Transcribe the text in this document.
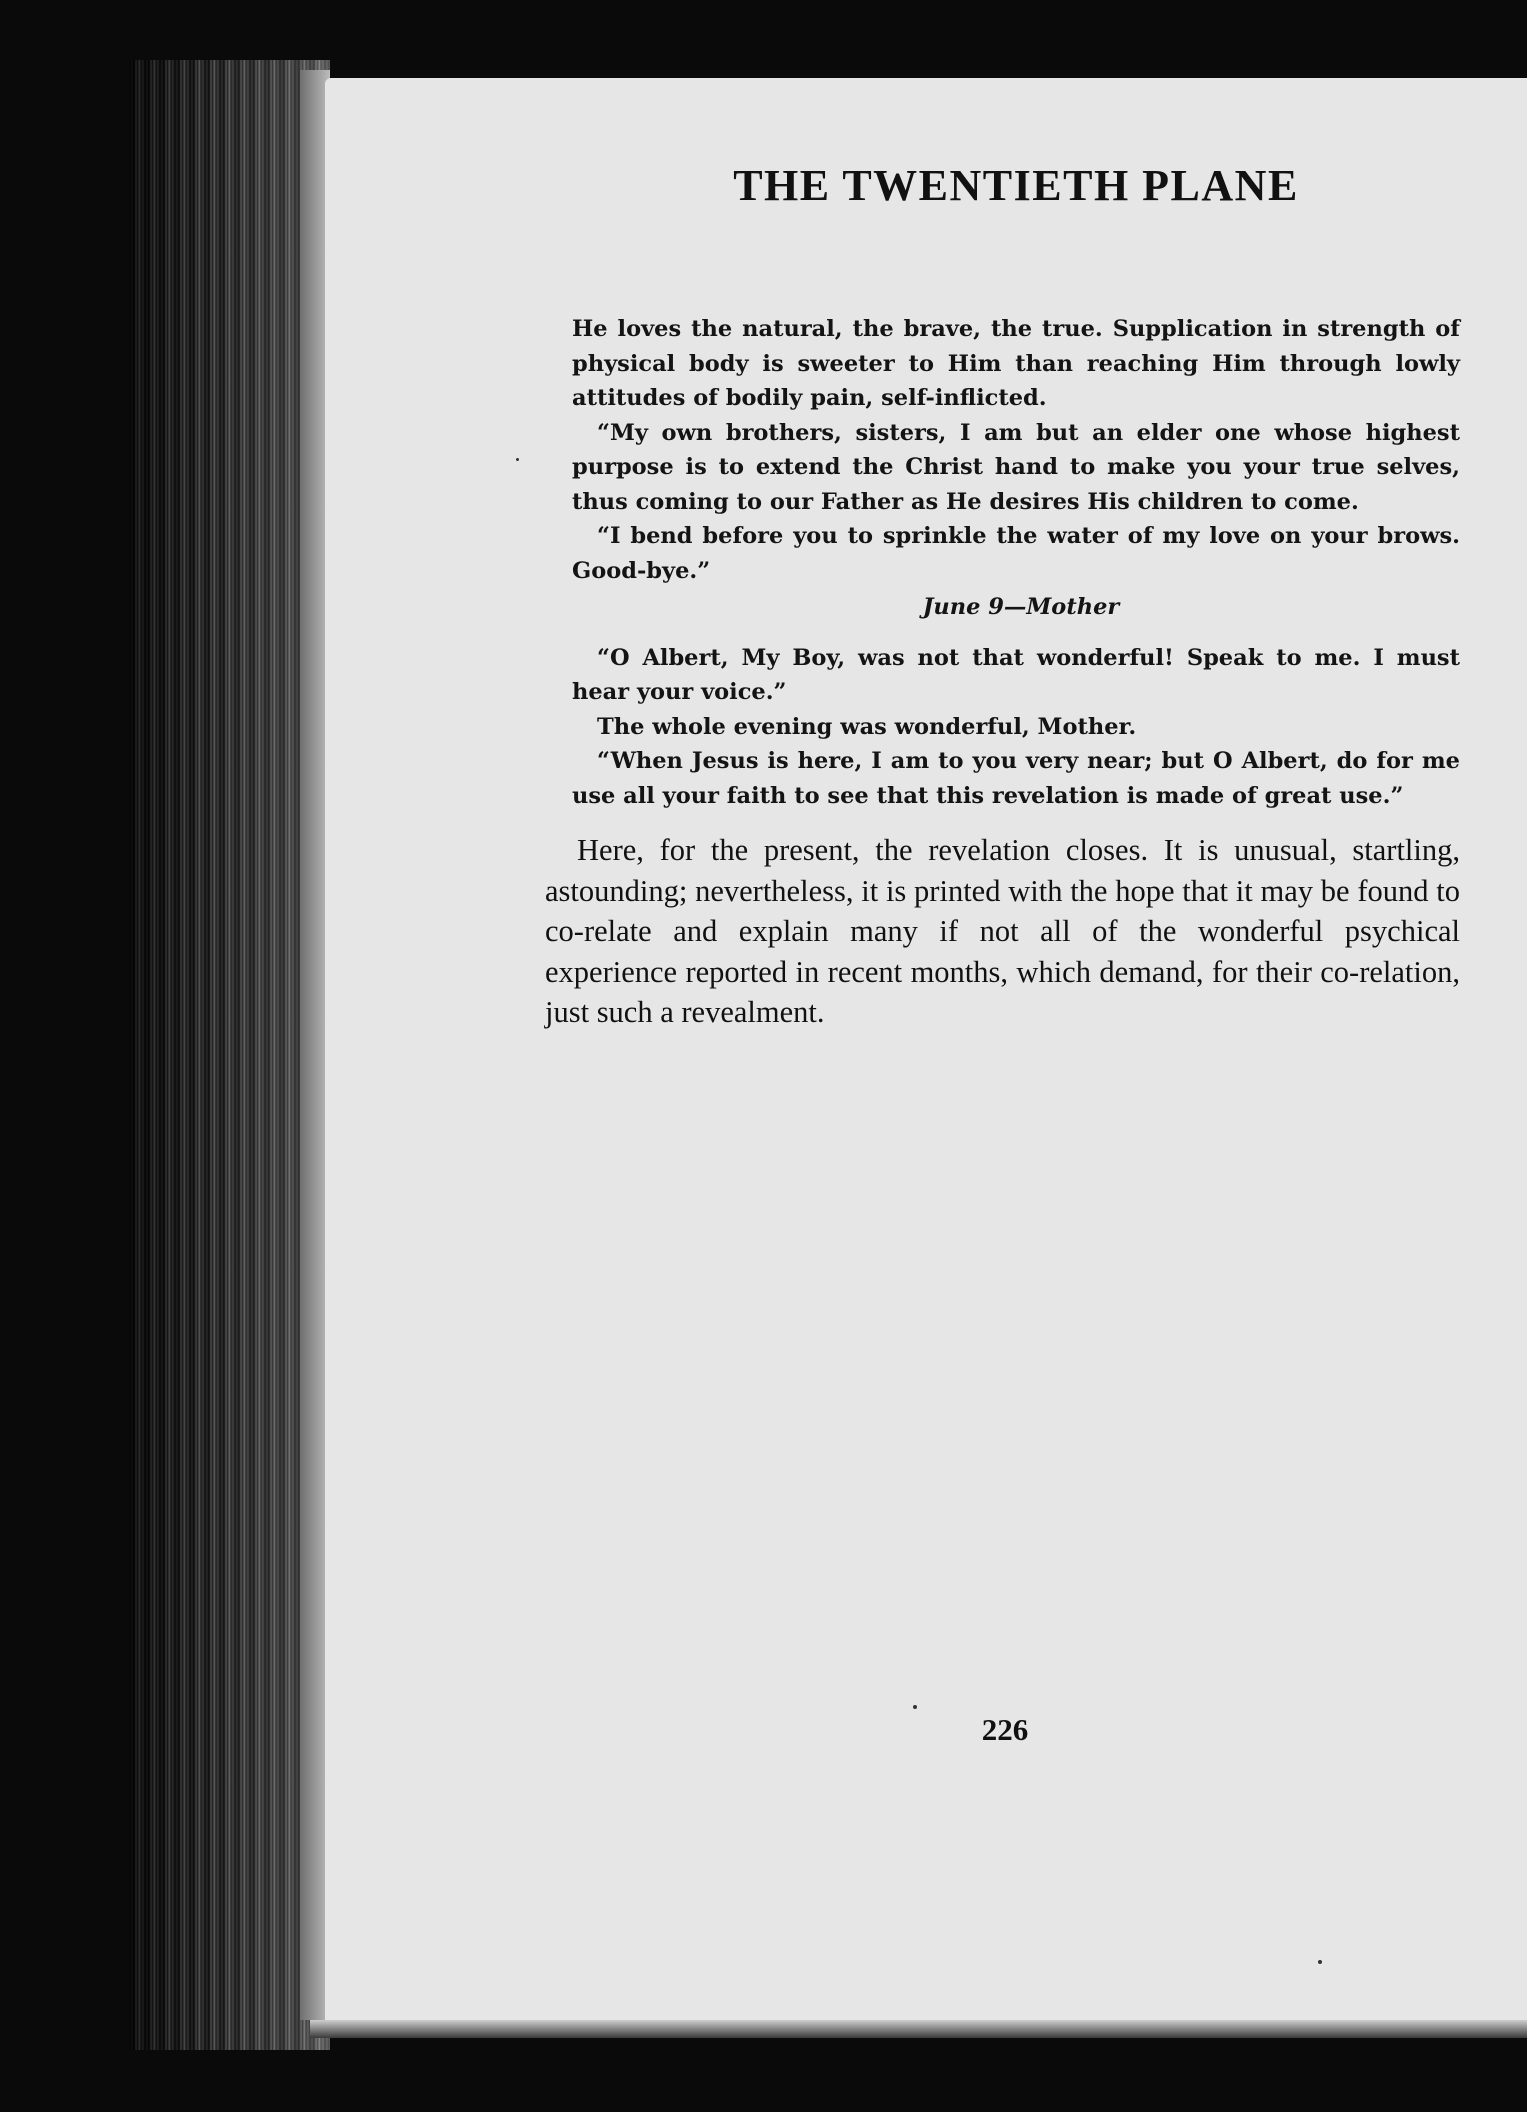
THE TWENTIETH PLANE

He loves the natural, the brave, the true. Supplication in strength of physical body is sweeter to Him than reaching Him through lowly attitudes of bodily pain, self-inflicted.

“My own brothers, sisters, I am but an elder one whose highest purpose is to extend the Christ hand to make you your true selves, thus coming to our Father as He desires His children to come.

“I bend before you to sprinkle the water of my love on your brows. Good-bye.”

June 9—Mother

“O Albert, My Boy, was not that wonderful! Speak to me. I must hear your voice.”

The whole evening was wonderful, Mother.

“When Jesus is here, I am to you very near; but O Albert, do for me use all your faith to see that this revelation is made of great use.”

Here, for the present, the revelation closes. It is unusual, startling, astounding; nevertheless, it is printed with the hope that it may be found to co-relate and explain many if not all of the wonderful psychical experience reported in recent months, which demand, for their co-relation, just such a revealment.

226
